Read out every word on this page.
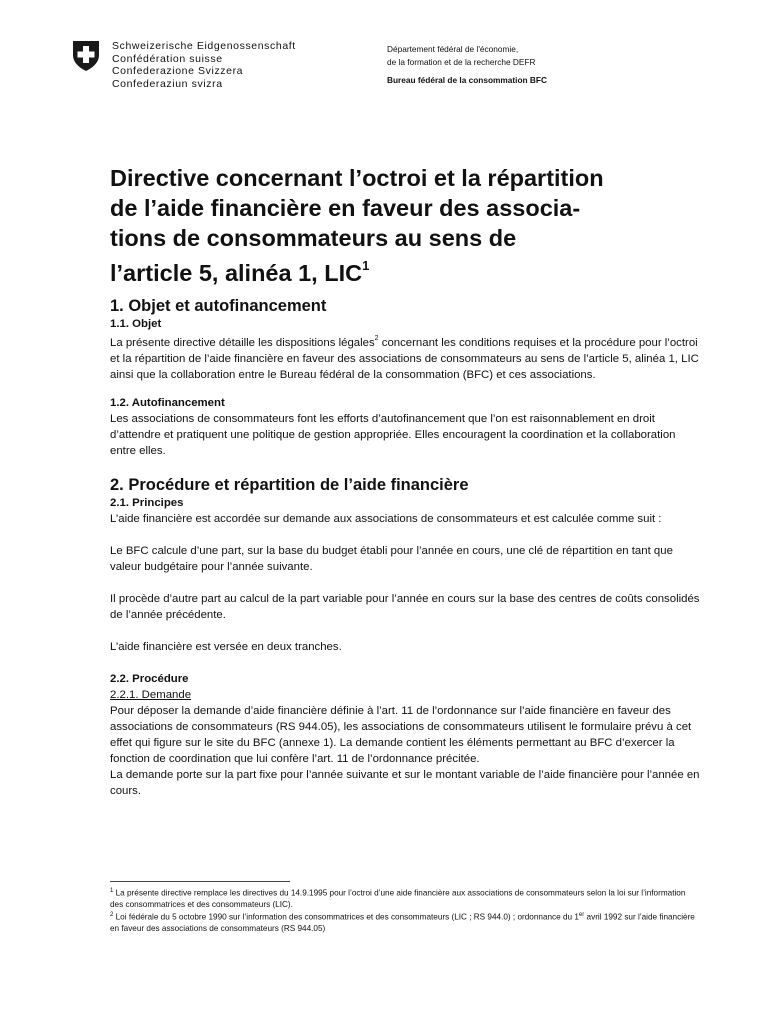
Schweizerische Eidgenossenschaft
Confédération suisse
Confederazione Svizzera
Confederaziun svizra
Département fédéral de l'économie,
de la formation et de la recherche DEFR
Bureau fédéral de la consommation BFC
Directive concernant l’octroi et la répartition
de l’aide financière en faveur des associa-
tions de consommateurs au sens de
l’article 5, alinéa 1, LIC$^1$
1. Objet et autofinancement
1.1. Objet

La présente directive détaille les dispositions légales$^2$ concernant les conditions requises et la procédure pour l’octroi et la répartition de l’aide financière en faveur des associations de consommateurs au sens de l’article 5, alinéa 1, LIC ainsi que la collaboration entre le Bureau fédéral de la consommation (BFC) et ces associations.

1.2. Autofinancement

Les associations de consommateurs font les efforts d’autofinancement que l’on est raisonnablement en droit d’attendre et pratiquent une politique de gestion appropriée. Elles encouragent la coordination et la collaboration entre elles.

2. Procédure et répartition de l’aide financière
2.1. Principes

L’aide financière est accordée sur demande aux associations de consommateurs et est calculée comme suit :

Le BFC calcule d’une part, sur la base du budget établi pour l’année en cours, une clé de répartition en tant que valeur budgétaire pour l’année suivante.

Il procède d’autre part au calcul de la part variable pour l’année en cours sur la base des centres de coûts consolidés de l’année précédente.

L’aide financière est versée en deux tranches.

2.2. Procédure
2.2.1. Demande

Pour déposer la demande d’aide financière définie à l’art. 11 de l’ordonnance sur l’aide financière en faveur des associations de consommateurs (RS 944.05), les associations de consommateurs utilisent le formulaire prévu à cet effet qui figure sur le site du BFC (annexe 1). La demande contient les éléments permettant au BFC d’exercer la fonction de coordination que lui confère l’art. 11 de l’ordonnance précitée.

La demande porte sur la part fixe pour l’année suivante et sur le montant variable de l’aide financière pour l’année en cours.

$^1$ La présente directive remplace les directives du 14.9.1995 pour l’octroi d’une aide financière aux associations de consommateurs selon la loi sur l’information des consommatrices et des consommateurs (LIC).
$^2$ Loi fédérale du 5 octobre 1990 sur l’information des consommatrices et des consommateurs (LIC ; RS 944.0) ; ordonnance du 1er avril 1992 sur l’aide financière en faveur des associations de consommateurs (RS 944.05)
